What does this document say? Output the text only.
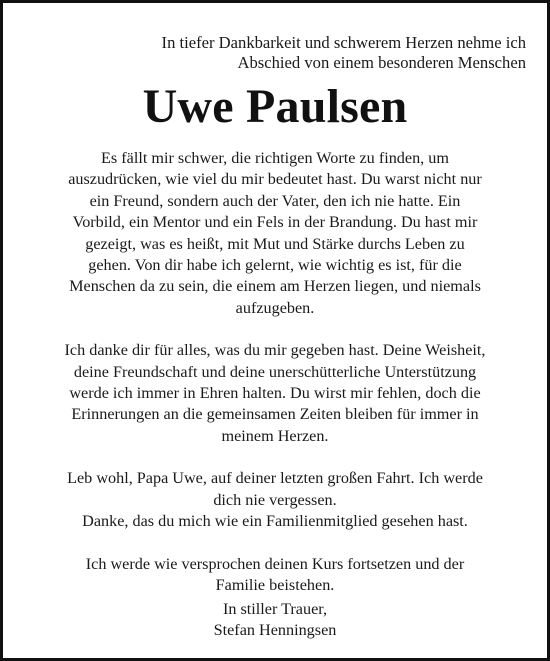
In tiefer Dankbarkeit und schwerem Herzen nehme ich
Abschied von einem besonderen Menschen
Uwe Paulsen

Es fällt mir schwer, die richtigen Worte zu finden, um

auszudrücken, wie viel du mir bedeutet hast. Du warst nicht nur

ein Freund, sondern auch der Vater, den ich nie hatte. Ein

Vorbild, ein Mentor und ein Fels in der Brandung. Du hast mir

gezeigt, was es heißt, mit Mut und Stärke durchs Leben zu

gehen. Von dir habe ich gelernt, wie wichtig es ist, für die

Menschen da zu sein, die einem am Herzen liegen, und niemals

aufzugeben.

Ich danke dir für alles, was du mir gegeben hast. Deine Weisheit,

deine Freundschaft und deine unerschütterliche Unterstützung

werde ich immer in Ehren halten. Du wirst mir fehlen, doch die

Erinnerungen an die gemeinsamen Zeiten bleiben für immer in

meinem Herzen.

Leb wohl, Papa Uwe, auf deiner letzten großen Fahrt. Ich werde

dich nie vergessen.

Danke, das du mich wie ein Familienmitglied gesehen hast.

Ich werde wie versprochen deinen Kurs fortsetzen und der

Familie beistehen.

In stiller Trauer,
Stefan Henningsen
